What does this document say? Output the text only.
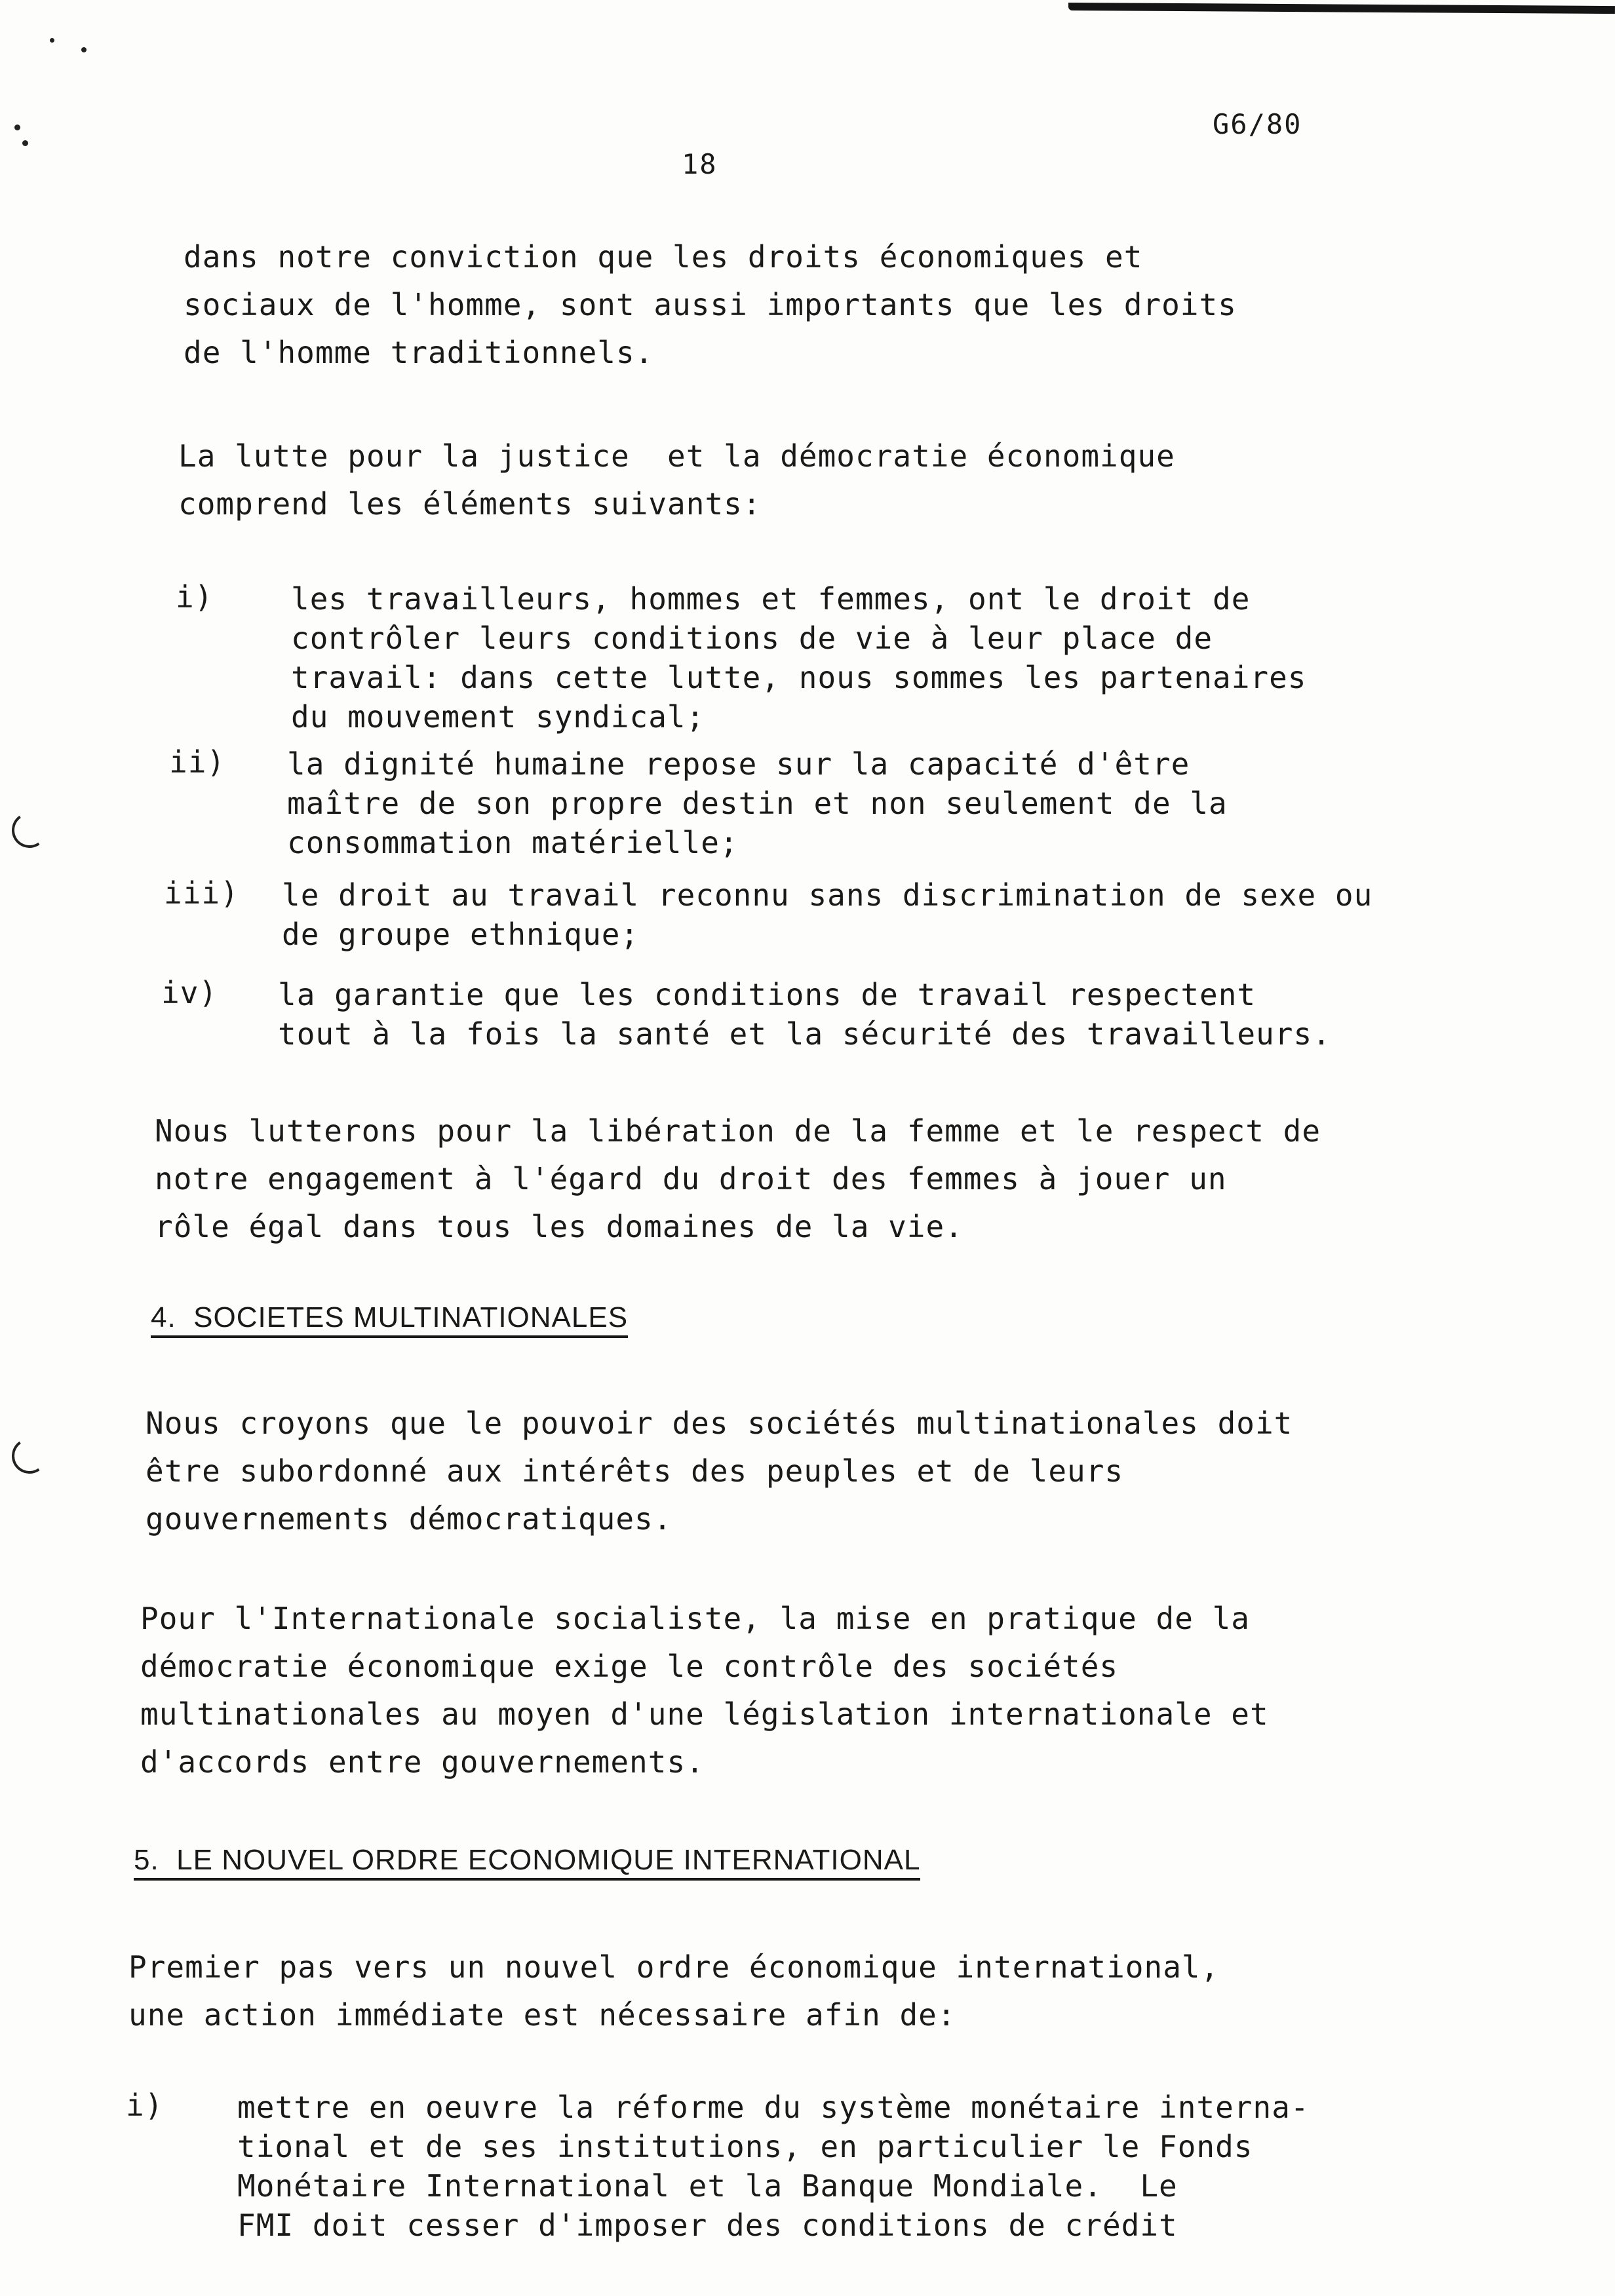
G6/80
18
dans notre conviction que les droits économiques et
sociaux de l'homme, sont aussi importants que les droits
de l'homme traditionnels.
La lutte pour la justice  et la démocratie économique
comprend les éléments suivants:
i)	les travailleurs, hommes et femmes, ont le droit de
contrôler leurs conditions de vie à leur place de
travail: dans cette lutte, nous sommes les partenaires
du mouvement syndical;
ii) la dignité humaine repose sur la capacité d'être
maître de son propre destin et non seulement de la
consommation matérielle;
iii) le droit au travail reconnu sans discrimination de sexe ou
de groupe ethnique;
iv) la garantie que les conditions de travail respectent
tout à la fois la santé et la sécurité des travailleurs.
Nous lutterons pour la libération de la femme et le respect de
notre engagement à l'égard du droit des femmes à jouer un
rôle égal dans tous les domaines de la vie.
4.  SOCIETES MULTINATIONALES
Nous croyons que le pouvoir des sociétés multinationales doit
être subordonné aux intérêts des peuples et de leurs
gouvernements démocratiques.
Pour l'Internationale socialiste, la mise en pratique de la
démocratie économique exige le contrôle des sociétés
multinationales au moyen d'une législation internationale et
d'accords entre gouvernements.
5.  LE NOUVEL ORDRE ECONOMIQUE INTERNATIONAL
Premier pas vers un nouvel ordre économique international,
une action immédiate est nécessaire afin de:
i) mettre en oeuvre la réforme du système monétaire interna-
tional et de ses institutions, en particulier le Fonds
Monétaire International et la Banque Mondiale.  Le
FMI doit cesser d'imposer des conditions de crédit
